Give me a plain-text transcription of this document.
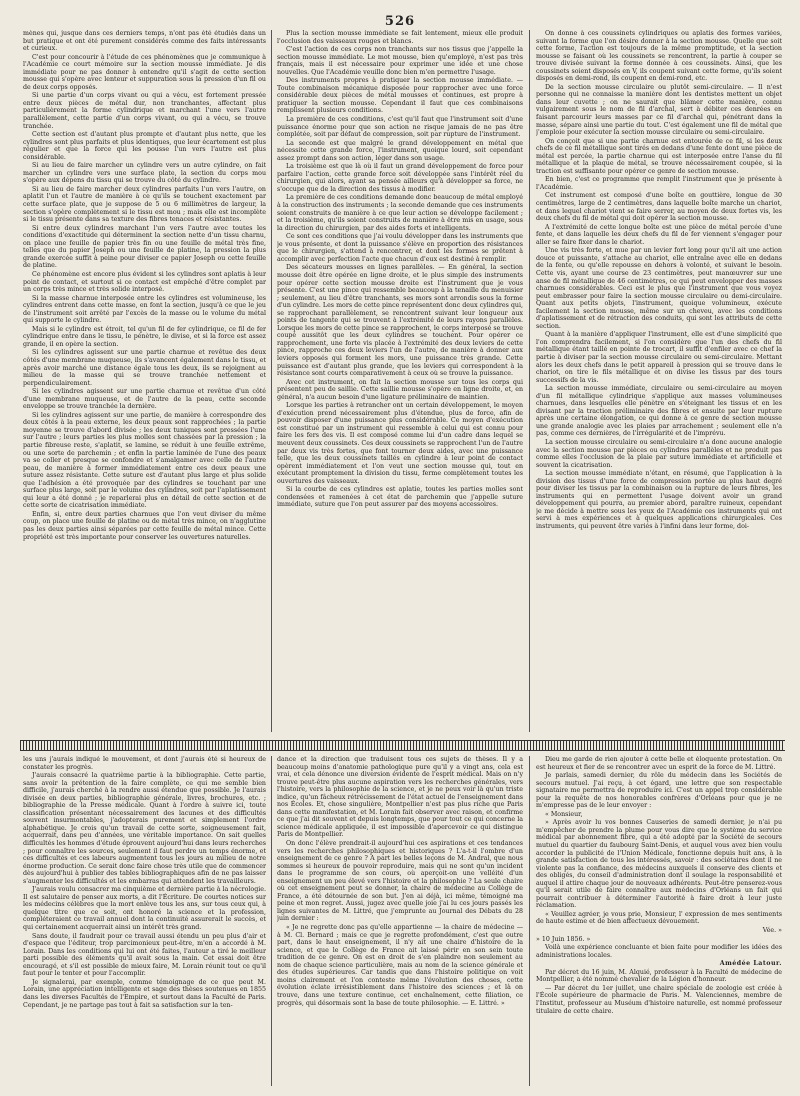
526

mènes qui, jusque dans ces derniers temps, n'ont pas été étudiés dans un but pratique et ont été purement considérés comme des faits intéressants et curieux.

C'est pour concourir à l'étude de ces phénomènes que je communique à l'Académie ce court mémoire sur la section mousse immédiate. Je dis immédiate pour ne pas donner à entendre qu'il s'agit de cette section mousse qui s'opère avec lenteur et suppuration sous la pression d'un fil ou de deux corps opposés.

Si une partie d'un corps vivant ou qui a vécu, est fortement pressée entre deux pièces de métal dur, non tranchantes, affectant plus particulièrement la forme cylindrique et marchant l'une vers l'autre parallèlement, cette partie d'un corps vivant, ou qui a vécu, se trouve tranchée.

Cette section est d'autant plus prompte et d'autant plus nette, que les cylindres sont plus parfaits et plus identiques, que leur écartement est plus régulier et que la force qui les pousse l'un vers l'autre est plus considérable.

Si au lieu de faire marcher un cylindre vers un autre cylindre, on fait marcher un cylindre vers une surface plate, la section du corps mou s'opère aux dépens du tissu qui se trouve du côté du cylindre.

Si au lieu de faire marcher deux cylindres parfaits l'un vers l'autre, on aplatit l'un et l'autre de manière à ce qu'ils se touchent exactement par cette surface plate, que je suppose de 5 ou 6 millimètres de largeur, la section s'opère complètement si le tissu est mou ; mais elle est incomplète si le tissu présente dans sa texture des fibres tenaces et résistantes.

Si entre deux cylindres marchant l'un vers l'autre avec toutes les conditions d'exactitude qui déterminent la section nette d'un tissu charnu, on place une feuille de papier très fin ou une feuille de métal très fine, telles que du papier Joseph ou une feuille de platine, la pression la plus grande exercée suffit à peine pour diviser ce papier Joseph ou cette feuille de platine.

Ce phénomène est encore plus évident si les cylindres sont aplatis à leur point de contact, et surtout si ce contact est empêché d'être complet par un corps très mince et très solide interposé.

Si la masse charnue interposée entre les cylindres est volumineuse, les cylindres entrent dans cette masse, en font la section, jusqu'à ce que le jeu de l'instrument soit arrêté par l'excès de la masse ou le volume du métal qui supporte le cylindre.

Mais si le cylindre est étroit, tel qu'un fil de fer cylindrique, ce fil de fer cylindrique entre dans le tissu, le pénètre, le divise, et si la force est assez grande, il en opère la section.

Si les cylindres agissent sur une partie charnue et revêtue des deux côtés d'une membrane muqueuse, ils s'avancent également dans le tissu, et après avoir marché une distance égale tous les deux, ils se rejoignent au milieu de la masse qui se trouve tranchée nettement et perpendiculairement.

Si les cylindres agissent sur une partie charnue et revêtue d'un côté d'une membrane muqueuse, et de l'autre de la peau, cette seconde enveloppe se trouve tranchée la dernière.

Si les cylindres agissent sur une partie, de manière à correspondre des deux côtés à la peau externe, les deux peaux sont rapprochées ; la partie moyenne se trouve d'abord divisée ; les deux tuniques sont pressées l'une sur l'autre ; leurs parties les plus molles sont chassées par la pression ; la partie fibreuse reste, s'aplatit, se lamine, se réduit à une feuille extrême, ou une sorte de parchemin ; et enfin la partie laminée de l'une des peaux va se coller et presque se confondre et s'amalgamer avec celle de l'autre peau, de manière à former immédiatement entre ces deux peaux une suture assez résistante. Cette suture est d'autant plus large et plus solide que l'adhésion a été provoquée par des cylindres se touchant par une surface plus large, soit par le volume des cylindres, soit par l'aplatissement qui leur a été donné ; je reparlerai plus en détail de cette section et de cette sorte de cicatrisation immédiate.

Enfin, si, entre deux parties charnues que l'on veut diviser du même coup, on place une feuille de platine ou de métal très mince, on n'agglutine pas les deux parties ainsi séparées par cette feuille de métal mince. Cette propriété est très importante pour conserver les ouvertures naturelles.

Plus la section mousse immédiate se fait lentement, mieux elle produit l'occlusion des vaisseaux rouges et blancs.

C'est l'action de ces corps non tranchants sur nos tissus que j'appelle la section mousse immédiate. Le mot mousse, bien qu'employé, n'est pas très français, mais il est nécessaire pour exprimer une idée et une chose nouvelles. Que l'Académie veuille donc bien m'en permettre l'usage.

Des instruments propres à pratiquer la section mousse immédiate. — Toute combinaison mécanique disposée pour rapprocher avec une force considérable deux pièces de métal mousses et continues, est propre à pratiquer la section mousse. Cependant il faut que ces combinaisons remplissent plusieurs conditions.

La première de ces conditions, c'est qu'il faut que l'instrument soit d'une puissance énorme pour que son action ne risque jamais de ne pas être complétée, soit par défaut de compression, soit par rupture de l'instrument.

La seconde est que malgré le grand développement en métal que nécessite cette grande force, l'instrument, quoique lourd, soit cependant assez prompt dans son action, léger dans son usage.

La troisième est que là où il faut un grand développement de force pour parfaire l'action, cette grande force soit développée sans l'intérêt réel du chirurgien, qui alors, ayant sa pensée ailleurs qu'à développer sa force, ne s'occupe que de la direction des tissus à modifier.

La première de ces conditions demande donc beaucoup de métal employé à la construction des instruments ; la seconde demande que ces instruments soient construits de manière à ce que leur action se développe facilement ; et la troisième, qu'ils soient construits de manière à être mis en usage, sous la direction du chirurgien, par des aides forts et intelligents.

Ce sont ces conditions que j'ai voulu développer dans les instruments que je vous présente, et dont la puissance s'élève en proportion des résistances que le chirurgien, s'attend à rencontrer, et dont les formes se prêtent à accomplir avec perfection l'acte que chacun d'eux est destiné à remplir.

Des sécateurs mousses en lignes parallèles. — En général, la section mousse doit être opérée en ligne droite, et le plus simple des instruments pour opérer cette section mousse droite est l'instrument que je vous présente. C'est une pince qui ressemble beaucoup à la tenaille du menuisier ; seulement, au lieu d'être tranchants, ses mors sont arrondis sous la forme d'un cylindre. Les mors de cette pince représentent donc deux cylindres qui, se rapprochant parallèlement, se rencontrent suivant leur longueur aux points de tangente qui se trouvent à l'extrémité de leurs rayons parallèles. Lorsque les mors de cette pince se rapprochent, le corps interposé se trouve coupé aussitôt que les deux cylindres se touchent. Pour opérer ce rapprochement, une forte vis placée à l'extrémité des deux leviers de cette pince, rapproche ces deux leviers l'un de l'autre, de manière à donner aux leviers opposés qui forment les mors, une puissance très grande. Cette puissance est d'autant plus grande, que les leviers qui correspondent à la résistance sont courts comparativement à ceux où se trouve la puissance.

Avec cet instrument, on fait la section mousse sur tous les corps qui présentent peu de saillie. Cette saillie mousse s'opère en ligne droite, et, en général, n'a aucun besoin d'une ligature préliminaire de maintien.

Lorsque les parties à retrancher ont un certain développement, le moyen d'exécution prend nécessairement plus d'étendue, plus de force, afin de pouvoir disposer d'une puissance plus considérable. Ce moyen d'exécution est constitué par un instrument qui ressemble à celui qui est connu pour faire les fers des vis. Il est composé comme lui d'un cadre dans lequel se meuvent deux coussinets. Ces deux coussinets se rapprochent l'un de l'autre par deux vis très fortes, que font tourner deux aides, avec une puissance telle, que les deux coussinets taillés en cylindre à leur point de contact opèrent immédiatement et l'on veut une section mousse qui, tout en exécutant promptement la division du tissu, ferme complètement toutes les ouvertures des vaisseaux.

Si la courbe de ces cylindres est aplatie, toutes les parties molles sont condensées et ramenées à cet état de parchemin que j'appelle suture immédiate, suture que l'on peut assurer par des moyens accessoires.

On donne à ces coussinets cylindriques ou aplatis des formes variées, suivant la forme que l'on désire donner à la section mousse. Quelle que soit cette forme, l'action est toujours de la même promptitude, et la section mousse se faisant où les coussinets se rencontrent, la partie à couper se trouve divisée suivant la forme donnée à ces coussinets. Ainsi, que les coussinets soient disposés en V, ils coupent suivant cette forme, qu'ils soient disposés en demi-rond, ils coupent en demi-rond, etc.

De la section mousse circulaire ou plutôt semi-circulaire. — Il n'est personne qui ne connaisse la manière dont les dentistes mettent un objet dans leur cuvette ; on ne saurait que blâmer cette manière, connu vulgairement sous le nom de fil d'archal, sert à débiter ces denrées en faisant parcourir leurs masses par ce fil d'archal qui, pénétrant dans la masse, sépare ainsi une partie du tout. C'est également une fil de métal que j'emploie pour exécuter la section mousse circulaire ou semi-circulaire.

On conçoit que si une partie charnue est entourée de ce fil, si les deux chefs de ce fil métallique sont tirés en dedans d'une fente dont une pièce de métal est percée, la partie charnue qui est interposée entre l'anse du fil métallique et la plaque de métal, se trouve nécessairement coupée, si la traction est suffisante pour opérer ce genre de section mousse.

En bien, c'est ce programme que remplit l'instrument que je présente à l'Académie.

Cet instrument est composé d'une boîte en gouttière, longue de 30 centimètres, large de 2 centimètres, dans laquelle boîte marche un chariot, et dans lequel chariot vient se faire serrer, au moyen de deux fortes vis, les deux chefs du fil de métal qui doit opérer la section mousse.

A l'extrémité de cette longue boîte est une pièce de métal percée d'une fente, et dans laquelle les deux chefs du fil de fer viennent s'engager pour aller se faire fixer dans le chariot.

Une vis très forte, et mue par un levier fort long pour qu'il ait une action douce et puissante, s'attache au chariot, elle entraîne avec elle en dedans de la fente, ou qu'elle repousse en dehors à volonté, et suivant le besoin. Cette vis, ayant une course de 23 centimètres, peut manœuvrer sur une anse de fil métallique de 46 centimètres, ce qui peut envelopper des masses charnues considérables. Ceci est le plus que l'instrument que vous voyez peut embrasser pour faire la section mousse circulaire ou demi-circulaire. Quant aux petits objets, l'instrument, quoique volumineux, exécute facilement la section mousse, même sur un cheveu, avec les conditions d'aplatissement et de rétraction des conduits, qui sont les attributs de cette section.

Quant à la manière d'appliquer l'instrument, elle est d'une simplicité que l'on comprendra facilement, si l'on considère que l'un des chefs du fil métallique étant taillé en pointe de trocart, il suffit d'enfiler avec ce chef la partie à diviser par la section mousse circulaire ou semi-circulaire. Mettant alors les deux chefs dans le petit appareil à pression qui se trouve dans le chariot, on tire le fils métallique et on divise les tissus par des tours successifs de la vis.

La section mousse immédiate, circulaire ou semi-circulaire au moyen d'un fil métallique cylindrique s'applique aux masses volumineuses charnues, dans lesquelles elle pénètre en s'éteignant les tissus et en les divisant par la traction préliminaire des fibres et ensuite par leur rupture après une certaine élongation, ce qui donne à ce genre de section mousse une grande analogie avec les plaies par arrachement ; seulement elle n'a pas, comme ces dernières, de l'irrégularité et de l'imprévu.

La section mousse circulaire ou semi-circulaire n'a donc aucune analogie avec la section mousse par pièces ou cylindres parallèles et ne produit pas comme elles l'occlusion de la plaie par suture immédiate et artificielle et souvent la cicatrisation.

La section mousse immédiate n'étant, en résumé, que l'application à la division des tissus d'une force de compression portée au plus haut degré pour diviser les tissus par la combinaison ou la rupture de leurs fibres, les instruments qui en permettent l'usage doivent avoir un grand développement qui pourra, au premier abord, paraître ruineux, cependant je me décide à mettre sous les yeux de l'Académie ces instruments qui ont servi à mes expériences et à quelques applications chirurgicales. Ces instruments, qui peuvent être variés à l'infini dans leur forme, doi-

les uns j'aurais indiqué le mouvement, et dont j'aurais été si heureux de constater les progrès.

J'aurais consacré la quatrième partie à la bibliographie. Cette partie, sans avoir la prétention de la faire complète, ce qui me semble bien difficile, j'aurais cherché à la rendre aussi étendue que possible. Je l'aurais divisée en deux parties, bibliographie générale, livres, brochures, etc. ; bibliographie de la Presse médicale. Quant à l'ordre à suivre ici, toute classification présentant nécessairement des lacunes et des difficultés souvent insurmontables, j'adopterais purement et simplement l'ordre alphabétique. Je crois qu'un travail de cette sorte, soigneusement fait, acquerrait, dans peu d'années, une véritable importance. On sait quelles difficultés les hommes d'étude éprouvent aujourd'hui dans leurs recherches ; pour connaître les sources, seulement il faut perdre un temps énorme, et ces difficultés et ces labeurs augmentent tous les jours au milieu de notre énorme production. Ce serait donc faire chose très utile que de commencer dès aujourd'hui à publier des tables bibliographiques afin de ne pas laisser s'augmenter les difficultés et les embarras qui attendent les travailleurs.

J'aurais voulu consacrer ma cinquième et dernière partie à la nécrologie. Il est salutaire de penser aux morts, a dit l'Écriture. De courtes notices sur les médecins célèbres que la mort enlève tous les ans, sur tous ceux qui, à quelque titre que ce soit, ont honoré la science et la profession, compléteraient ce travail annuel dont la continuité assurerait le succès, et qui certainement acquerrait ainsi un intérêt très grand.

Sans doute, il faudrait pour ce travail aussi étendu un peu plus d'air et d'espace que l'éditeur, trop parcimonieux peut-être, m'en a accordé à M. Lorain. Dans les conditions qui lui ont été faites, l'auteur a tiré le meilleur parti possible des éléments qu'il avait sous la main. Cet essai doit être encouragé, et s'il est possible de mieux faire, M. Lorain réunit tout ce qu'il faut pour le tenter et pour l'accomplir.

Je signalerai, par exemple, comme témoignage de ce que peut M. Lorain, une appréciation intelligente et sage des thèses soutenues en 1855 dans les diverses Facultés de l'Empire, et surtout dans la Faculté de Paris. Cependant, je ne partage pas tout à fait sa satisfaction sur la ten-

dance et la direction que traduisent tous ces sujets de thèses. Il y a beaucoup moins d'anatomie pathologique pure qu'il y a vingt ans, cela est vrai, et cela dénonce une diversion évidente de l'esprit médical. Mais on n'y trouve peut-être plus aucune aspiration vers les recherches générales, vers l'histoire, vers la philosophie de la science, et je ne peux voir là qu'un triste indice, qu'un fâcheux rétrécissement de l'état actuel de l'enseignement dans nos Écoles. Et, chose singulière, Montpellier n'est pas plus riche que Paris dans cette manifestation, et M. Lorain fait observer avec raison, et confirme ce que j'ai dit souvent et depuis longtemps, que pour tout ce qui concerne la science médicale appliquée, il est impossible d'apercevoir ce qui distingue Paris de Montpellier.

On donc l'élève prendrait-il aujourd'hui ces aspirations et ces tendances vers les recherches philosophiques et historiques ? L'a-t-il l'ombre d'un enseignement de ce genre ? A part les belles leçons de M. Andral, que nous sommes si heureux de pouvoir reproduire, mais qui ne sont qu'un incident dans le programme de son cours, où aperçoit-on une velléité d'un enseignement un peu élevé vers l'histoire et la philosophie ? La seule chaire où cet enseignement peut se donner, la chaire de médecine au Collège de France, a été détournée de son but. J'en ai déjà, ici même, témoigné ma peine et mon regret. Aussi, jugez avec quelle joie j'ai lu ces jours passés les lignes suivantes de M. Littré, que j'emprunte au Journal des Débats du 28 juin dernier :

« Je ne regrette donc pas qu'elle appartienne — la chaire de médecine — à M. Cl. Bernard ; mais ce que je regrette profondément, c'est que outre part, dans le haut enseignement, il n'y ait une chaire d'histoire de la science, et que le Collège de France ait laissé périr en son sein toute tradition de ce genre. On est en droit de s'en plaindre non seulement au nom de chaque science particulière, mais au nom de la science générale et des études supérieures. Car tandis que dans l'histoire politique on voit moins clairement et l'on conteste même l'évolution des choses, cette évolution éclate irrésistiblement dans l'histoire des sciences ; et là on trouve, dans une texture continue, cet enchaînement, cette filiation, ce progrès, qui désormais sont la base de toute philosophie. — E. Littré. »

Dieu me garde de rien ajouter à cette belle et éloquente protestation. On est heureux et fier de se rencontrer avec un esprit de la force de M. Littré.

Je parlais, samedi dernier, du rôle du médecin dans les Sociétés de secours mutuel. J'ai reçu, à cet égard, une lettre que son respectable signataire me permettra de reproduire ici. C'est un appel trop considérable pour la requête de nos honorables confrères d'Orléans pour que je ne m'empresse pas de le leur envoyer :

« Monsieur,

» Après avoir lu vos bonnes Causeries de samedi dernier, je n'ai pu m'empêcher de prendre la plume pour vous dire que le système du service médical par abonnement fibre, qui a été adopté par la Société de secours mutuel du quartier du faubourg Saint-Denis, et auquel vous avez bien voulu accorder la publicité de l'Union Médicale, fonctionne depuis huit ans, à la grande satisfaction de tous les intéressés, savoir : des sociétaires dont il ne violente pas la confiance, des médecins auxquels il conserve des clients et des obligés, du conseil d'administration dont il soulage la responsabilité et auquel il attire chaque jour de nouveaux adhérents. Peut-être penserez-vous qu'il serait utile de faire connaître aux médecins d'Orléans un fait qui pourrait contribuer à déterminer l'autorité à faire droit à leur juste réclamation.

« Veuillez agréer, je vous prie, Monsieur, l' expression de mes sentiments de haute estime et de bien affectueux dévouement.

Vée. »

» 10 Juin 1856. »

Voilà une expérience concluante et bien faite pour modifier les idées des administrations locales.

Amédée Latour.

Par décret du 16 juin, M. Alquié, professeur à la Faculté de médecine de Montpellier, a été nommé chevalier de la Légion d'honneur.

— Par décret du 1er juillet, une chaire spéciale de zoologie est créée à l'École supérieure de pharmacie de Paris. M. Valenciennes, membre de l'Institut, professeur au Muséum d'histoire naturelle, est nommé professeur titulaire de cette chaire.
